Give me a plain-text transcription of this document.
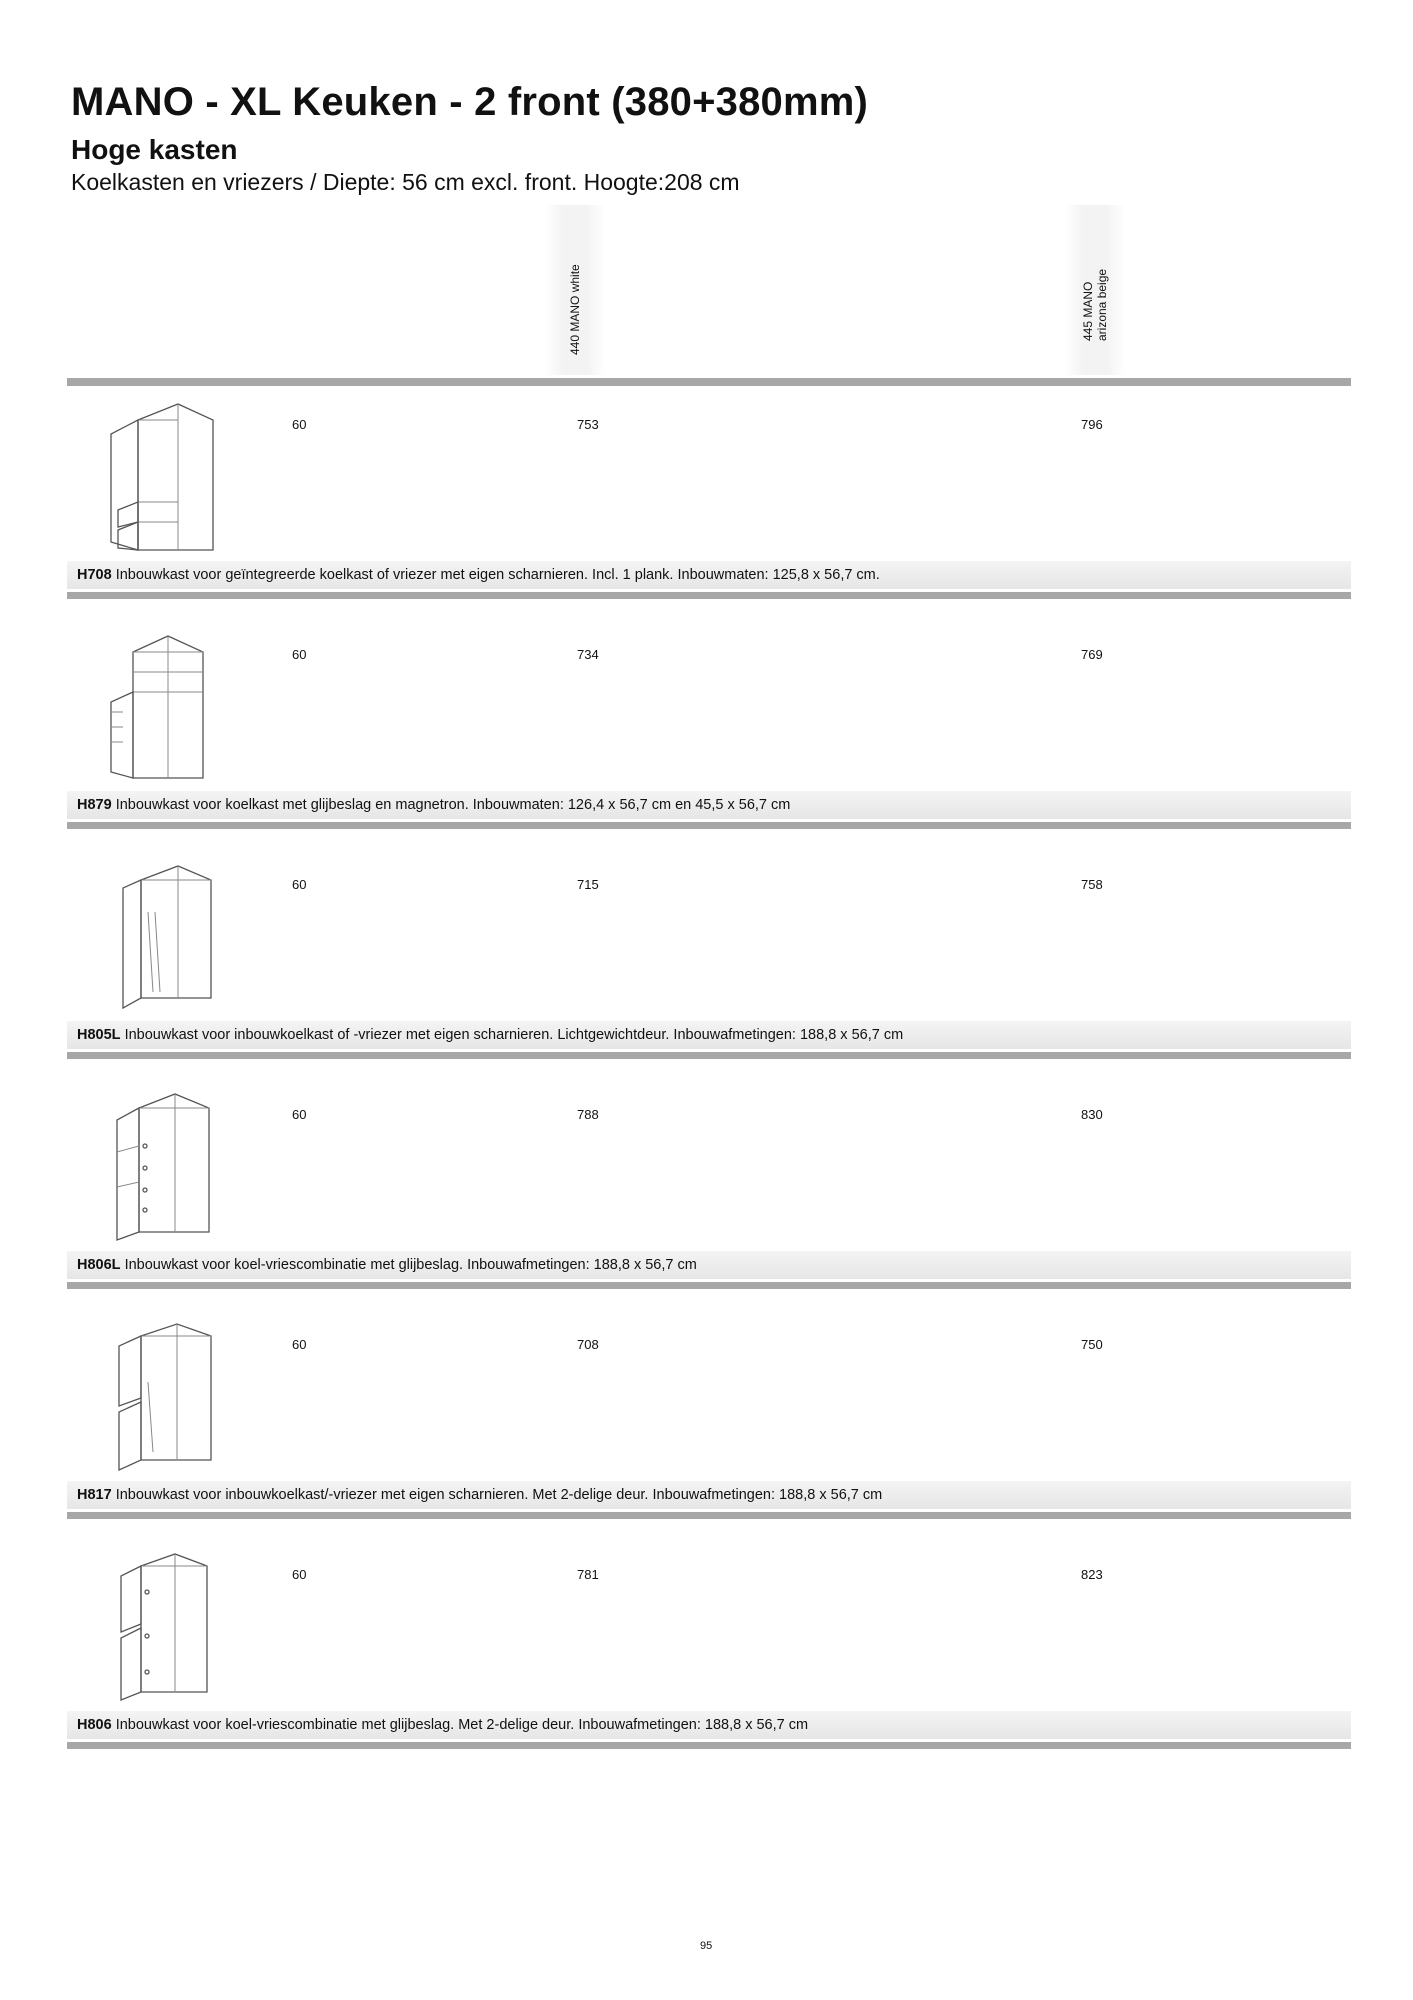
MANO - XL Keuken - 2 front (380+380mm)
Hoge kasten

Koelkasten en vriezers / Diepte: 56 cm excl. front. Hoogte:208 cm

440 MANO white	445 MANO
arizona beige
60	753	796
H708 Inbouwkast voor geïntegreerde koelkast of vriezer met eigen scharnieren. Incl. 1 plank. Inbouwmaten: 125,8 x 56,7 cm.
60	734	769
H879 Inbouwkast voor koelkast met glijbeslag en magnetron. Inbouwmaten: 126,4 x 56,7 cm en 45,5 x 56,7 cm
60	715	758
H805L Inbouwkast voor inbouwkoelkast of -vriezer met eigen scharnieren. Lichtgewichtdeur. Inbouwafmetingen: 188,8 x 56,7 cm
60	788	830
H806L Inbouwkast voor koel-vriescombinatie met glijbeslag. Inbouwafmetingen: 188,8 x 56,7 cm
60	708	750
H817 Inbouwkast voor inbouwkoelkast/-vriezer met eigen scharnieren. Met 2-delige deur. Inbouwafmetingen: 188,8 x 56,7 cm
60	781	823
H806 Inbouwkast voor koel-vriescombinatie met glijbeslag. Met 2-delige deur. Inbouwafmetingen: 188,8 x 56,7 cm
95
